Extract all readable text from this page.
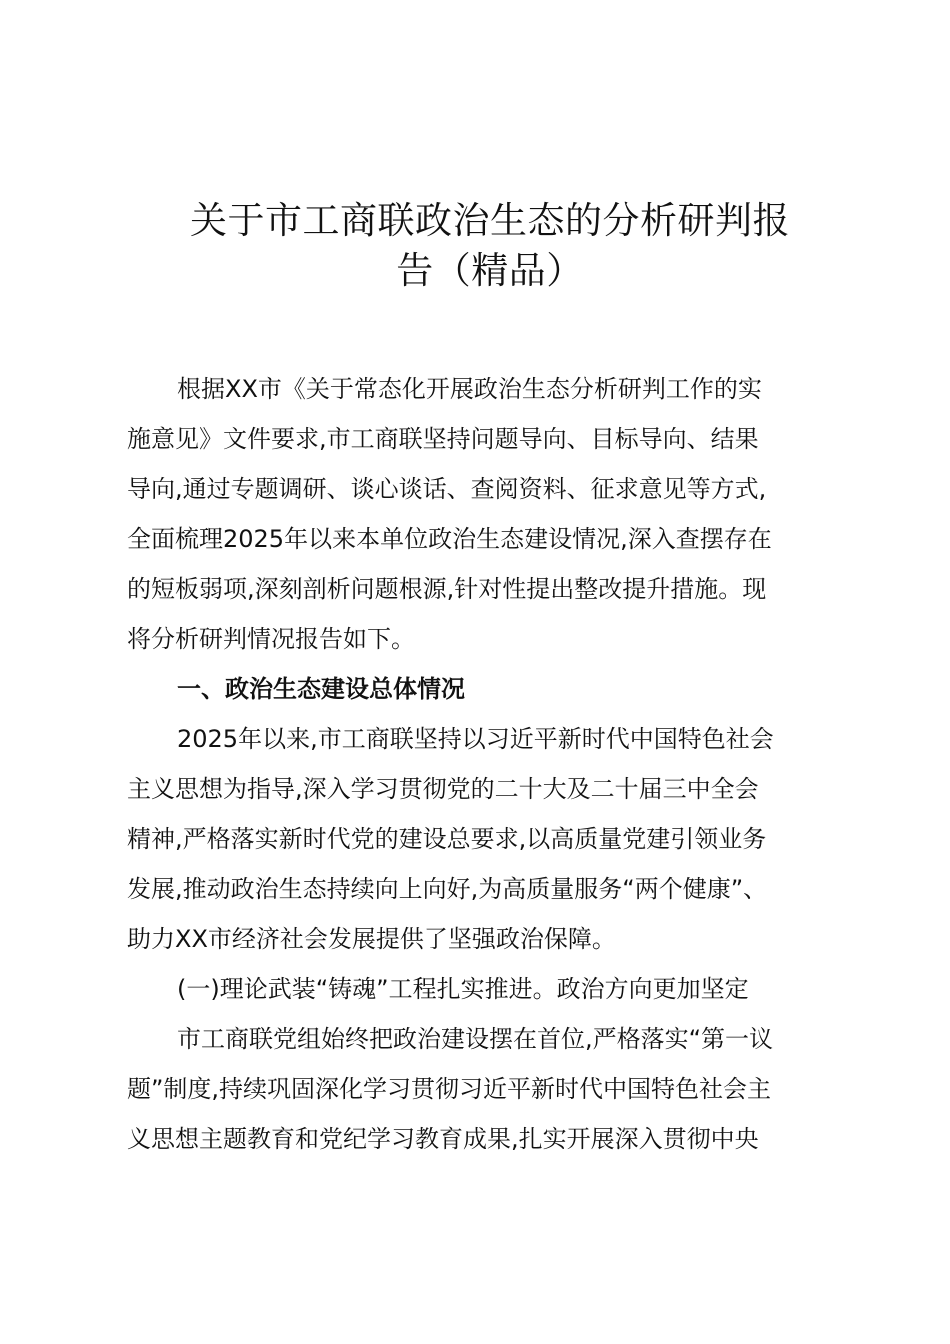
关于市工商联政治生态的分析研判报
告（精品）
根据XX市《关于常态化开展政治生态分析研判工作的实
施意见》文件要求,市工商联坚持问题导向、目标导向、结果
导向,通过专题调研、谈心谈话、查阅资料、征求意见等方式,
全面梳理2025年以来本单位政治生态建设情况,深入查摆存在
的短板弱项,深刻剖析问题根源,针对性提出整改提升措施。现
将分析研判情况报告如下。
一、政治生态建设总体情况
2025年以来,市工商联坚持以习近平新时代中国特色社会
主义思想为指导,深入学习贯彻党的二十大及二十届三中全会
精神,严格落实新时代党的建设总要求,以高质量党建引领业务
发展,推动政治生态持续向上向好,为高质量服务“两个健康”、
助力XX市经济社会发展提供了坚强政治保障。
(一)理论武装“铸魂”工程扎实推进。政治方向更加坚定
市工商联党组始终把政治建设摆在首位,严格落实“第一议
题”制度,持续巩固深化学习贯彻习近平新时代中国特色社会主
义思想主题教育和党纪学习教育成果,扎实开展深入贯彻中央
